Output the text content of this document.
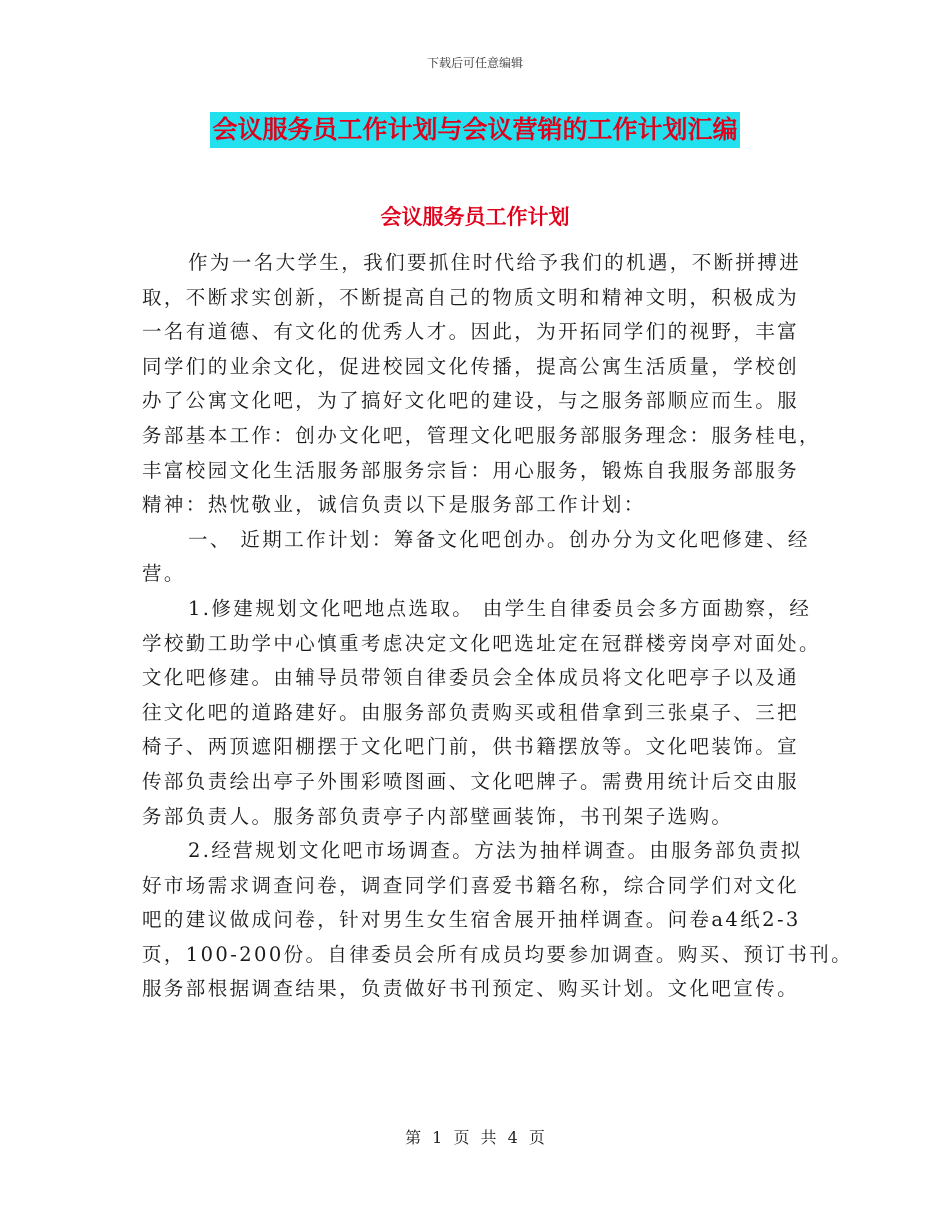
下载后可任意编辑
会议服务员工作计划与会议营销的工作计划汇编
会议服务员工作计划

作为一名大学生，我们要抓住时代给予我们的机遇，不断拼搏进

取，不断求实创新，不断提高自己的物质文明和精神文明，积极成为

一名有道德、有文化的优秀人才。因此，为开拓同学们的视野，丰富

同学们的业余文化，促进校园文化传播，提高公寓生活质量，学校创

办了公寓文化吧，为了搞好文化吧的建设，与之服务部顺应而生。服

务部基本工作：创办文化吧，管理文化吧服务部服务理念：服务桂电，

丰富校园文化生活服务部服务宗旨：用心服务，锻炼自我服务部服务

精神：热忱敬业，诚信负责以下是服务部工作计划：

一、 近期工作计划：筹备文化吧创办。创办分为文化吧修建、经

营。

1.修建规划文化吧地点选取。 由学生自律委员会多方面勘察，经

学校勤工助学中心慎重考虑决定文化吧选址定在冠群楼旁岗亭对面处。

文化吧修建。由辅导员带领自律委员会全体成员将文化吧亭子以及通

往文化吧的道路建好。由服务部负责购买或租借拿到三张桌子、三把

椅子、两顶遮阳棚摆于文化吧门前，供书籍摆放等。文化吧装饰。宣

传部负责绘出亭子外围彩喷图画、文化吧牌子。需费用统计后交由服

务部负责人。服务部负责亭子内部壁画装饰，书刊架子选购。

2.经营规划文化吧市场调查。方法为抽样调查。由服务部负责拟

好市场需求调查问卷，调查同学们喜爱书籍名称，综合同学们对文化

吧的建议做成问卷，针对男生女生宿舍展开抽样调查。问卷a4纸2-3

页，100-200份。自律委员会所有成员均要参加调查。购买、预订书刊。

服务部根据调查结果，负责做好书刊预定、购买计划。文化吧宣传。

第 1 页 共 4 页
